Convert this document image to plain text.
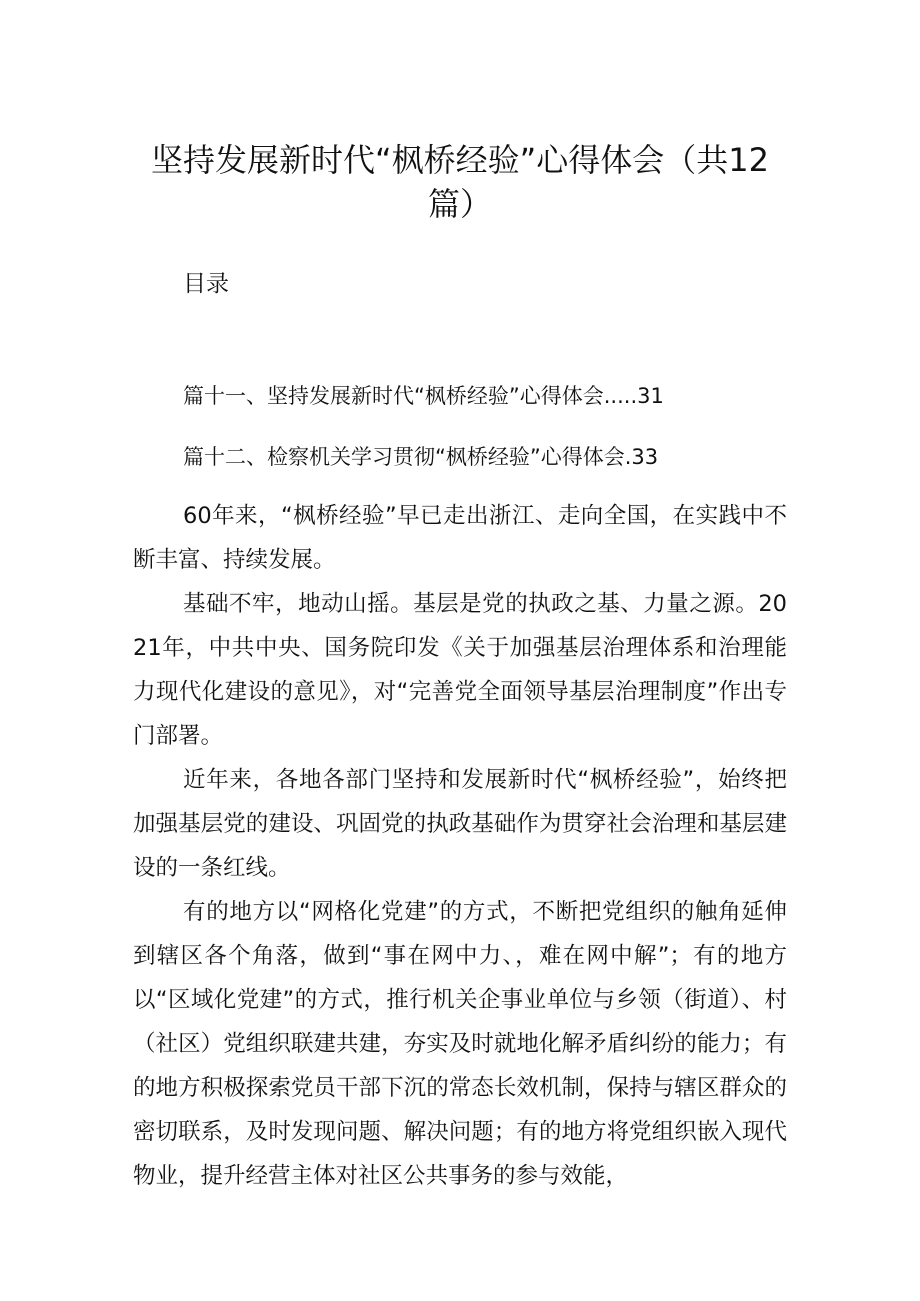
坚持发展新时代“枫桥经验”心得体会（共12篇）
目录
篇十一、坚持发展新时代“枫桥经验”心得体会.....31
篇十二、检察机关学习贯彻“枫桥经验”心得体会.33

60年来，“枫桥经验”早已走出浙江、走向全国，在实践中不断丰富、持续发展。

基础不牢，地动山摇。基层是党的执政之基、力量之源。2021年，中共中央、国务院印发《关于加强基层治理体系和治理能力现代化建设的意见》，对“完善党全面领导基层治理制度”作出专门部署。

近年来，各地各部门坚持和发展新时代“枫桥经验”，始终把加强基层党的建设、巩固党的执政基础作为贯穿社会治理和基层建设的一条红线。

有的地方以“网格化党建”的方式，不断把党组织的触角延伸到辖区各个角落，做到“事在网中力、，难在网中解”；有的地方以“区域化党建”的方式，推行机关企事业单位与乡领（街道）、村（社区）党组织联建共建，夯实及时就地化解矛盾纠纷的能力；有的地方积极探索党员干部下沉的常态长效机制，保持与辖区群众的密切联系，及时发现问题、解决问题；有的地方将党组织嵌入现代物业，提升经营主体对社区公共事务的参与效能，
